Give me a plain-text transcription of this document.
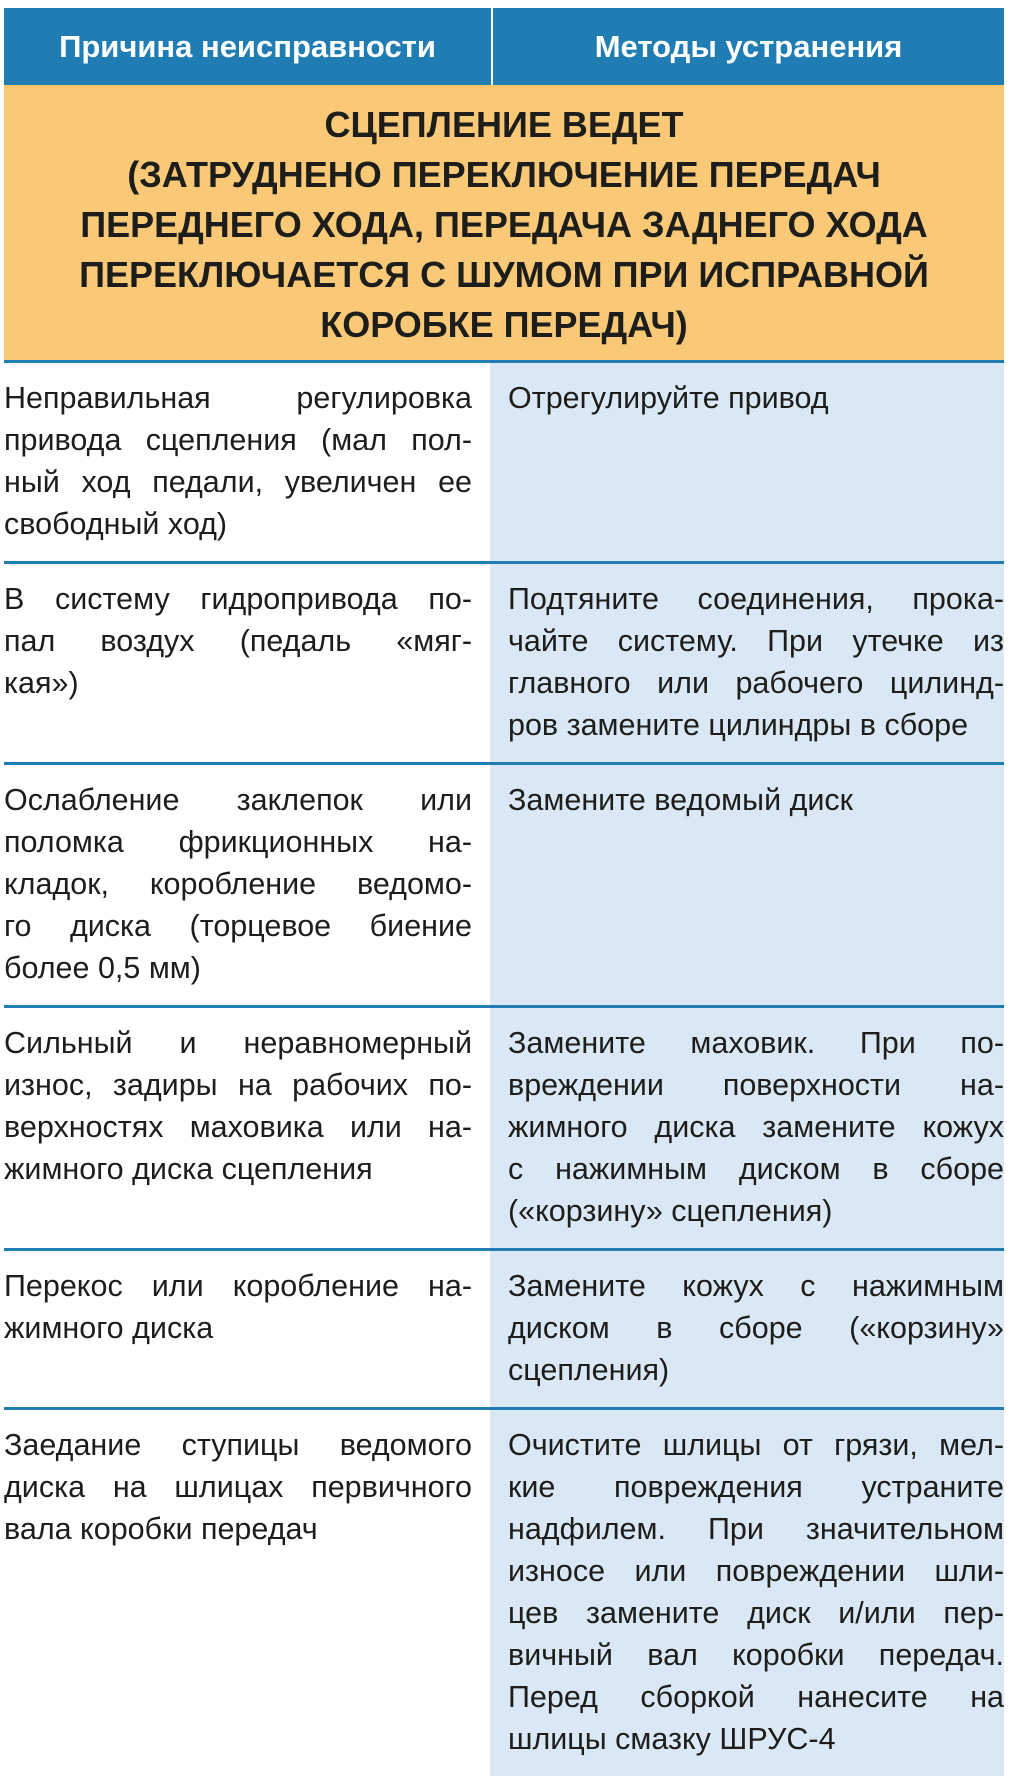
Причина неисправности	Методы устранения
СЦЕПЛЕНИЕ ВЕДЕТ
(ЗАТРУДНЕНО ПЕРЕКЛЮЧЕНИЕ ПЕРЕДАЧ
ПЕРЕДНЕГО ХОДА, ПЕРЕДАЧА ЗАДНЕГО ХОДА
ПЕРЕКЛЮЧАЕТСЯ С ШУМОМ ПРИ ИСПРАВНОЙ
КОРОБКЕ ПЕРЕДАЧ)
Неправильная регулировка
привода сцепления (мал пол-
ный ход педали, увеличен ее
свободный ход)
Отрегулируйте привод
В систему гидропривода по-
пал воздух (педаль «мяг-
кая»)
Подтяните соединения, прока-
чайте систему. При утечке из
главного или рабочего цилинд-
ров замените цилиндры в сборе
Ослабление заклепок или
поломка фрикционных на-
кладок, коробление ведомо-
го диска (торцевое биение
более 0,5 мм)
Замените ведомый диск
Сильный и неравномерный
износ, задиры на рабочих по-
верхностях маховика или на-
жимного диска сцепления
Замените маховик. При по-
вреждении поверхности на-
жимного диска замените кожух
с нажимным диском в сборе
(«корзину» сцепления)
Перекос или коробление на-
жимного диска
Замените кожух с нажимным
диском в сборе («корзину»
сцепления)
Заедание ступицы ведомого
диска на шлицах первичного
вала коробки передач
Очистите шлицы от грязи, мел-
кие повреждения устраните
надфилем. При значительном
износе или повреждении шли-
цев замените диск и/или пер-
вичный вал коробки передач.
Перед сборкой нанесите на
шлицы смазку ШРУС-4
